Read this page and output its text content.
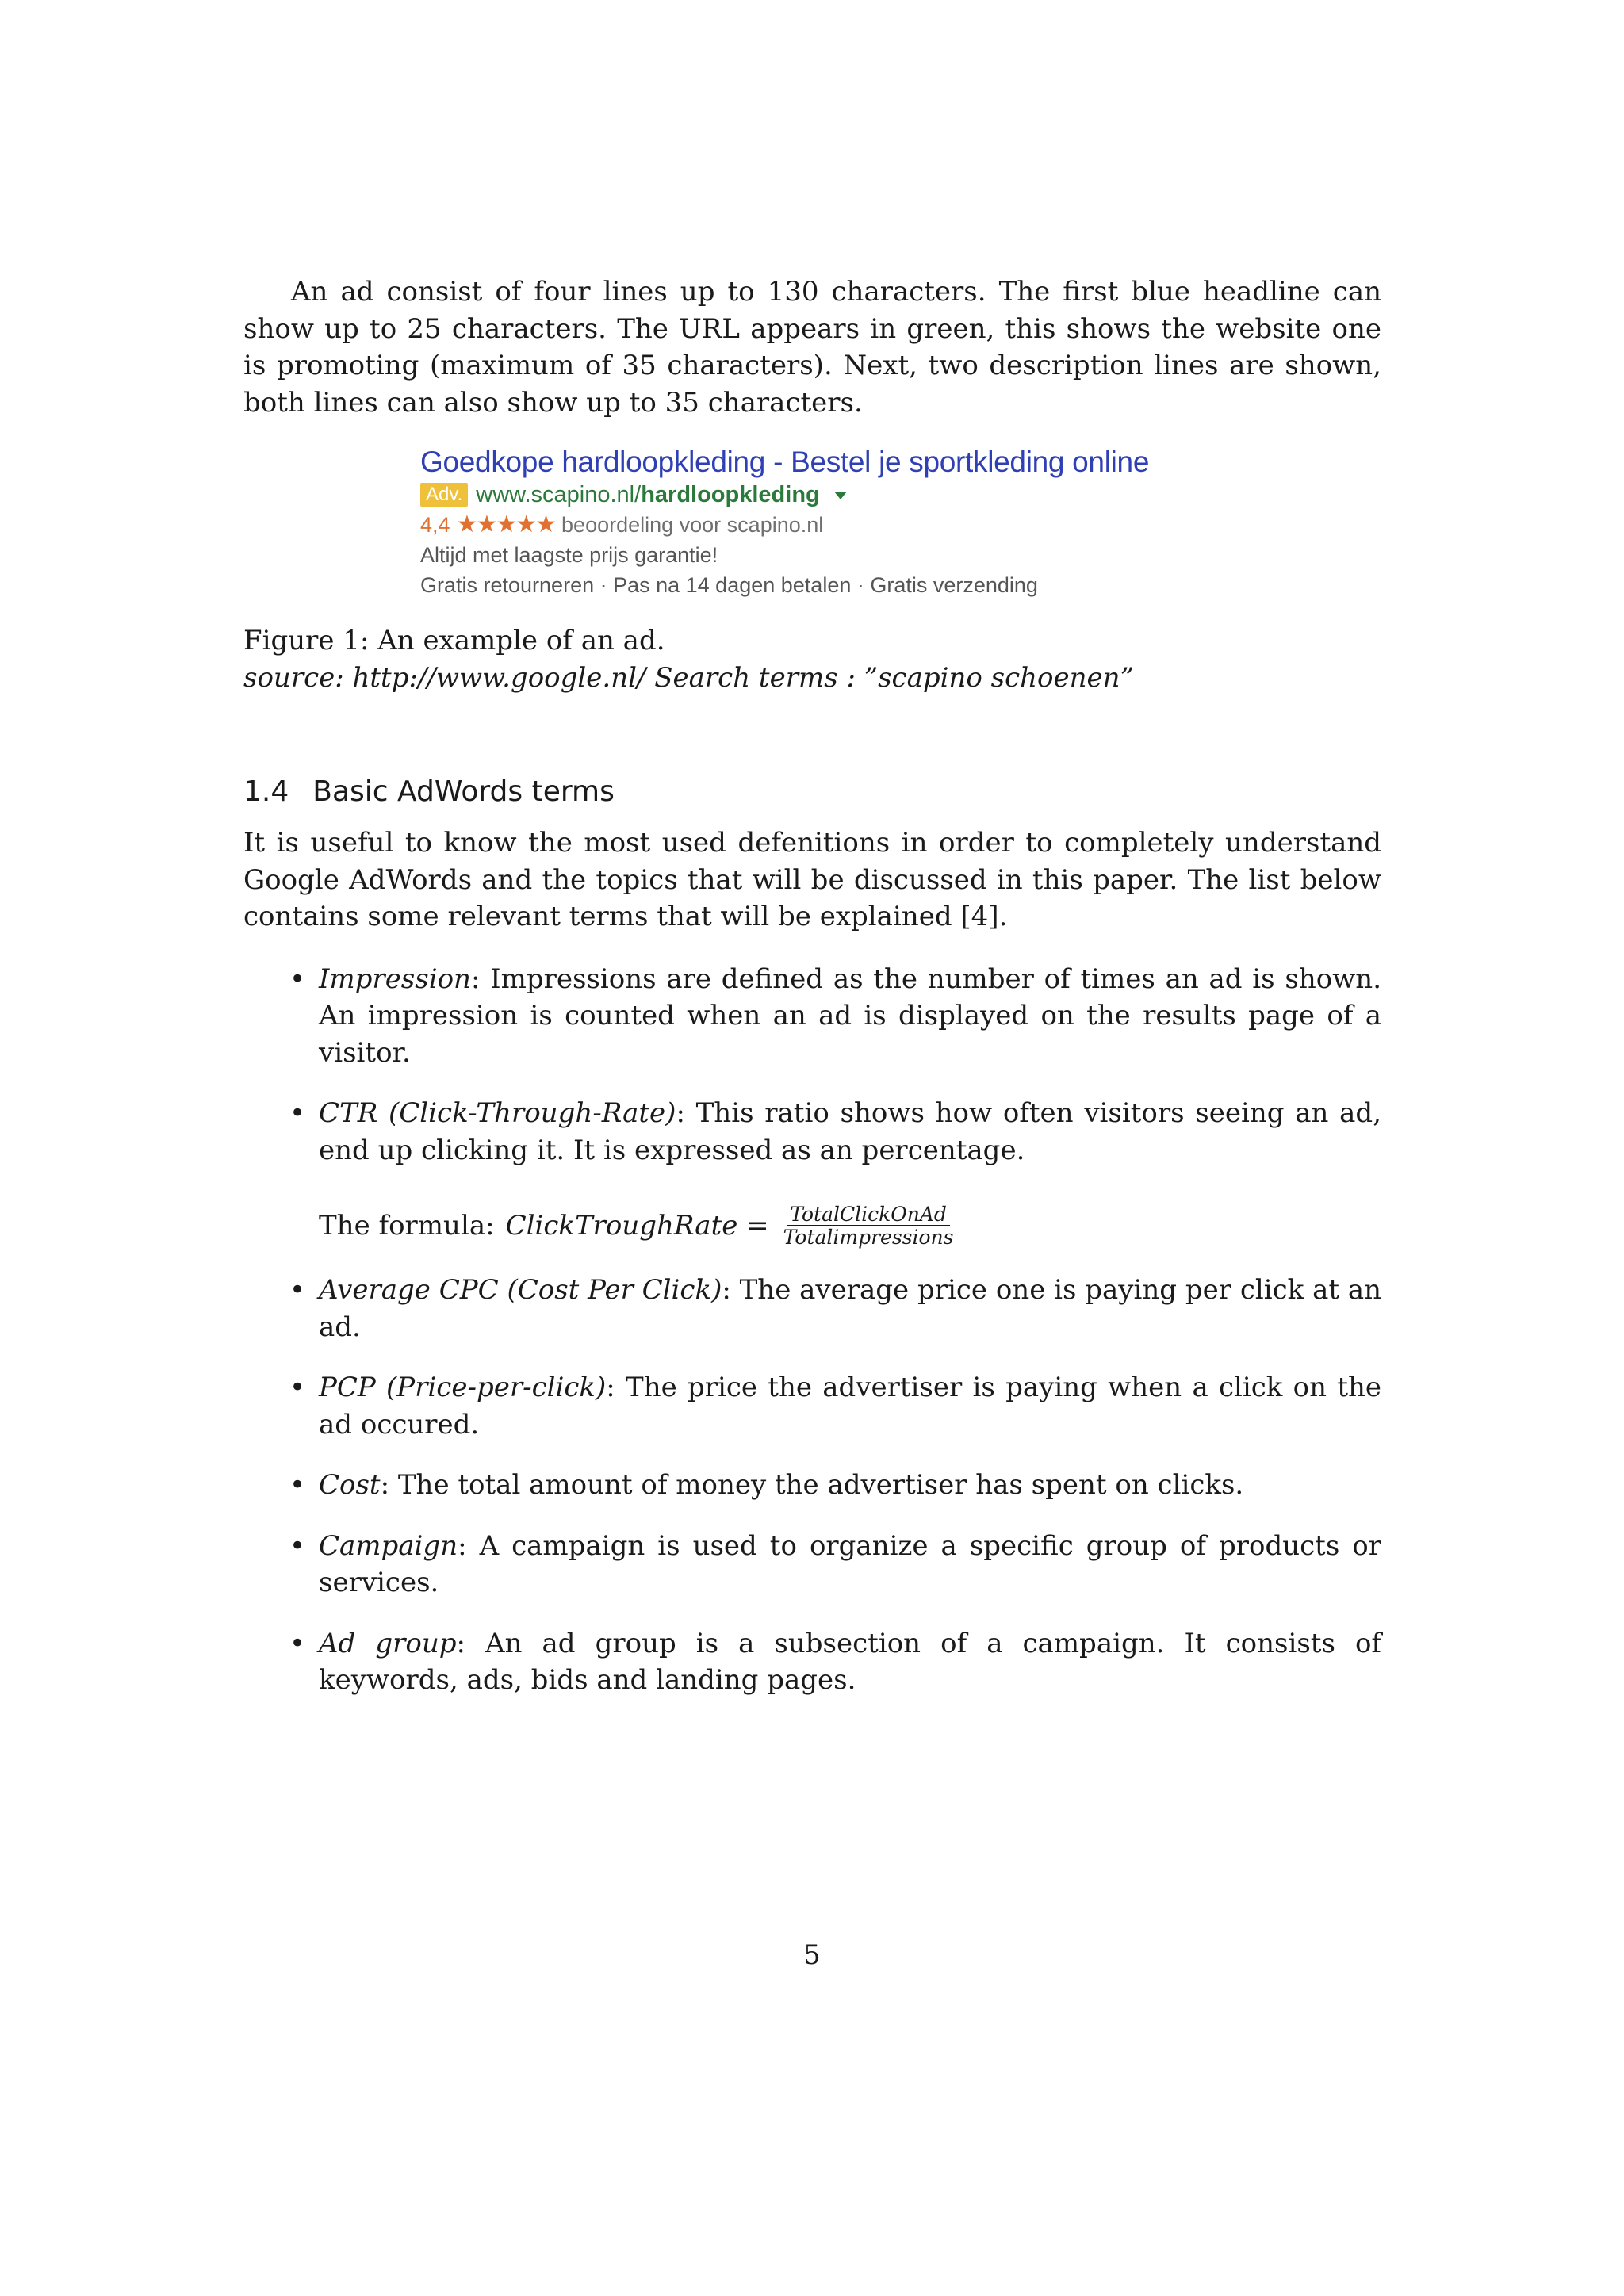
An ad consist of four lines up to 130 characters. The first blue headline can show up to 25 characters. The URL appears in green, this shows the website one is promoting (maximum of 35 characters). Next, two description lines are shown, both lines can also show up to 35 characters.

Goedkope hardloopkleding - Bestel je sportkleding online
Adv. www.scapino.nl/hardloopkleding
4,4 ★★★★★ beoordeling voor scapino.nl
Altijd met laagste prijs garantie!
Gratis retourneren · Pas na 14 dagen betalen · Gratis verzending
Figure 1: An example of an ad.
source: http://www.google.nl/ Search terms : ”scapino schoenen”
1.4 Basic AdWords terms

It is useful to know the most used defenitions in order to completely understand Google AdWords and the topics that will be discussed in this paper. The list below contains some relevant terms that will be explained [4].

• Impression: Impressions are defined as the number of times an ad is shown. An impression is counted when an ad is displayed on the results page of a visitor.
• CTR (Click-Through-Rate): This ratio shows how often visitors seeing an ad, end up clicking it. It is expressed as an percentage.
The formula: ClickTroughRate = $\frac{\text{TotalClickOnAd}}{\text{Totalimpressions}}$
• Average CPC (Cost Per Click): The average price one is paying per click at an ad.
• PCP (Price-per-click): The price the advertiser is paying when a click on the ad occured.
• Cost: The total amount of money the advertiser has spent on clicks.
• Campaign: A campaign is used to organize a specific group of products or services.
• Ad group: An ad group is a subsection of a campaign. It consists of keywords, ads, bids and landing pages.
5
